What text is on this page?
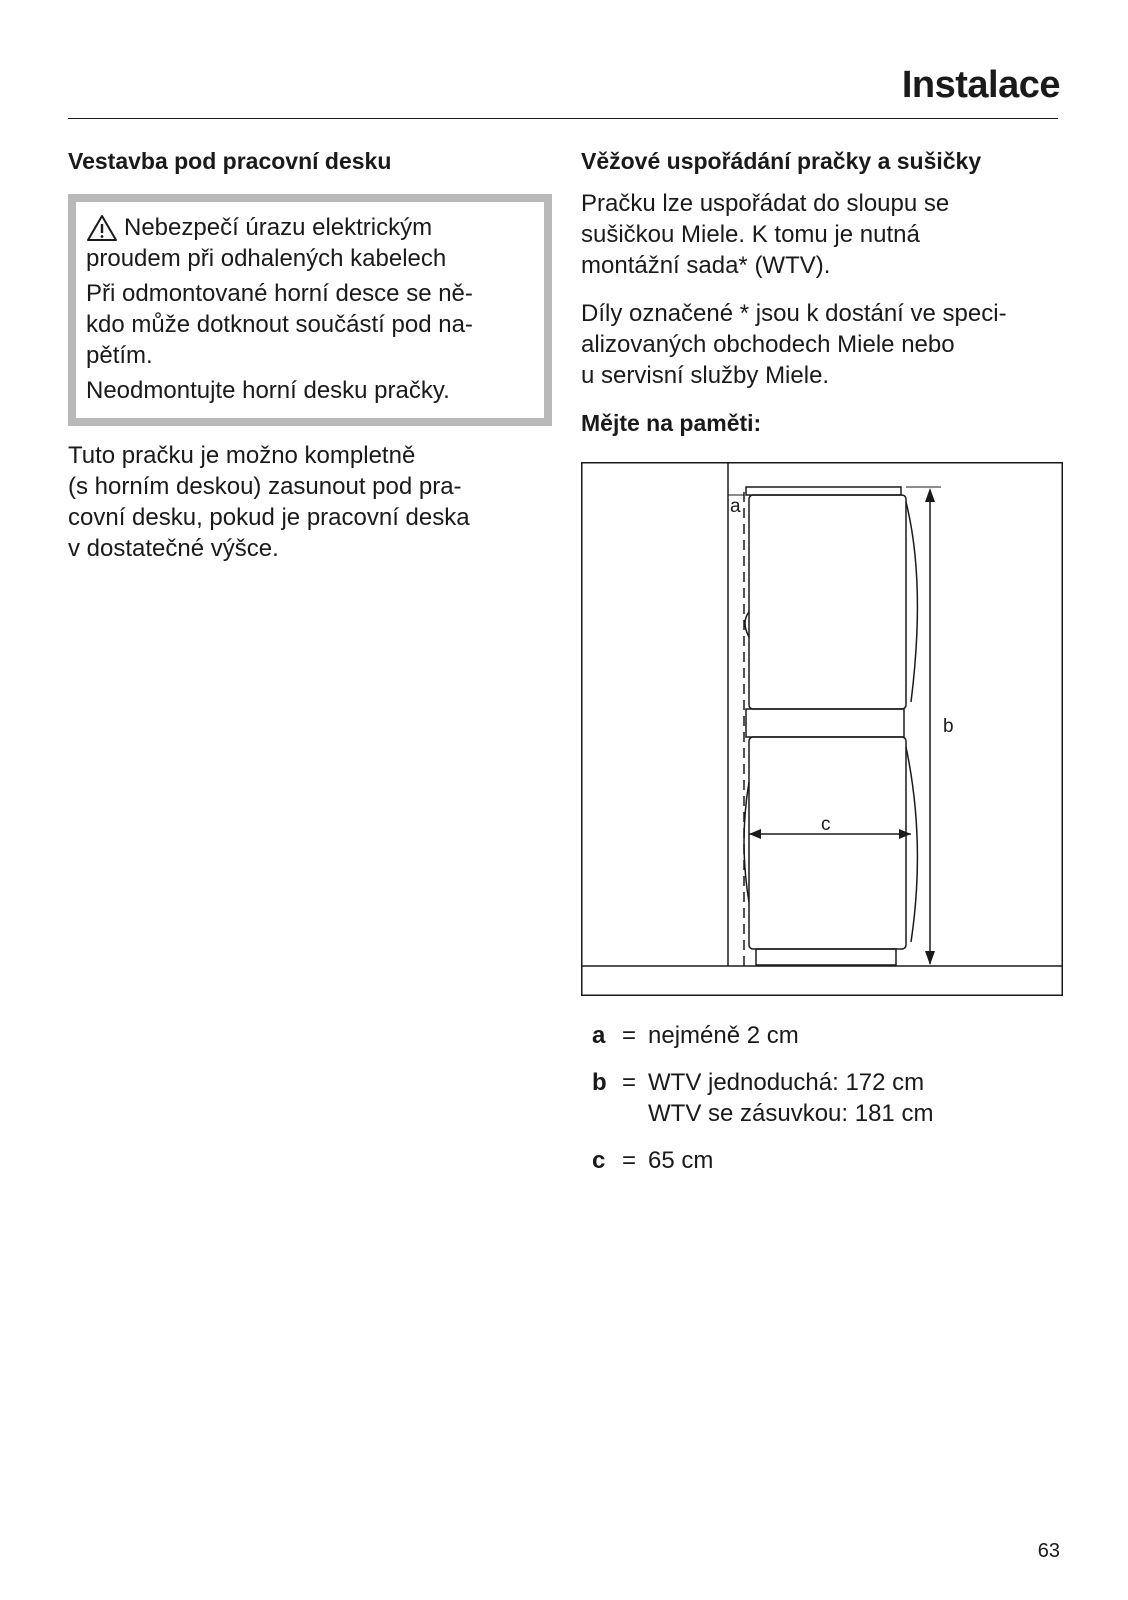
Instalace
Vestavba pod pracovní desku

Nebezpečí úrazu elektrickým

proudem při odhalených kabelech

Při odmontované horní desce se ně-

kdo může dotknout součástí pod na-

pětím.

Neodmontujte horní desku pračky.

Tuto pračku je možno kompletně

(s horním deskou) zasunout pod pra-

covní desku, pokud je pracovní deska

v dostatečné výšce.

Věžové uspořádání pračky a sušičky

Pračku lze uspořádat do sloupu se

sušičkou Miele. K tomu je nutná

montážní sada* (WTV).

Díly označené * jsou k dostání ve speci-

alizovaných obchodech Miele nebo

u servisní služby Miele.

Mějte na paměti:
a
b
c
a = nejméně 2 cm
b = WTV jednoduchá: 172 cm
WTV se zásuvkou: 181 cm
c = 65 cm
63
